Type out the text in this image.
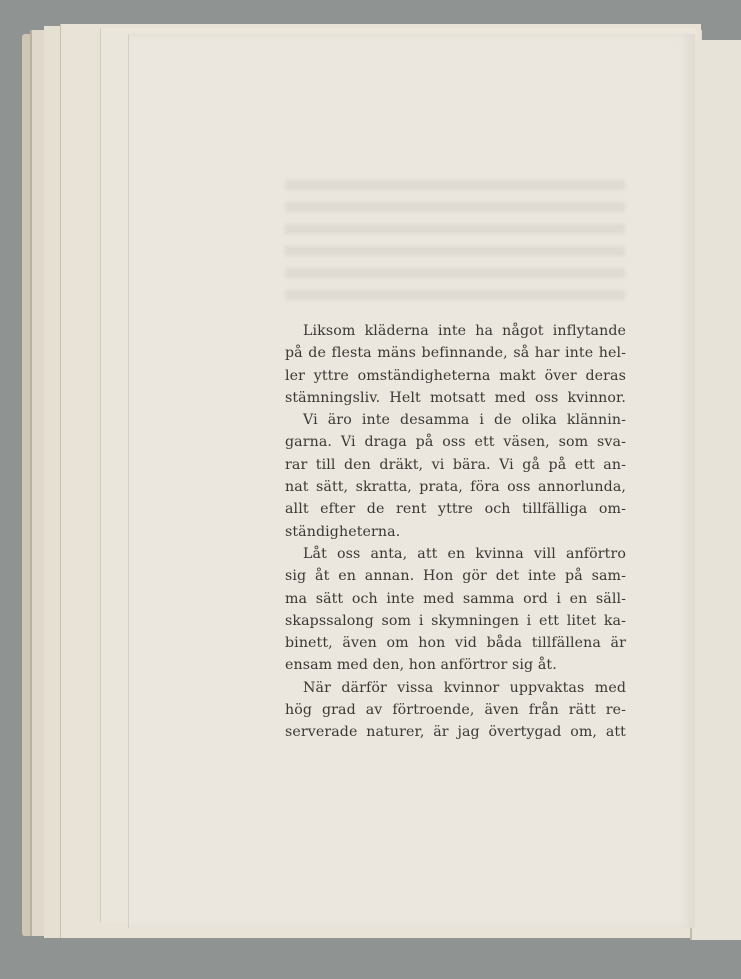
Liksom kläderna inte ha något inflytande
på de flesta mäns befinnande, så har inte hel-
ler yttre omständigheterna makt över deras
stämningsliv. Helt motsatt med oss kvinnor.

Vi äro inte desamma i de olika klännin-
garna. Vi draga på oss ett väsen, som sva-
rar till den dräkt, vi bära. Vi gå på ett an-
nat sätt, skratta, prata, föra oss annorlunda,
allt efter de rent yttre och tillfälliga om-
ständigheterna.

Låt oss anta, att en kvinna vill anförtro
sig åt en annan. Hon gör det inte på sam-
ma sätt och inte med samma ord i en säll-
skapssalong som i skymningen i ett litet ka-
binett, även om hon vid båda tillfällena är
ensam med den, hon anförtror sig åt.

När därför vissa kvinnor uppvaktas med
hög grad av förtroende, även från rätt re-
serverade naturer, är jag övertygad om, att
